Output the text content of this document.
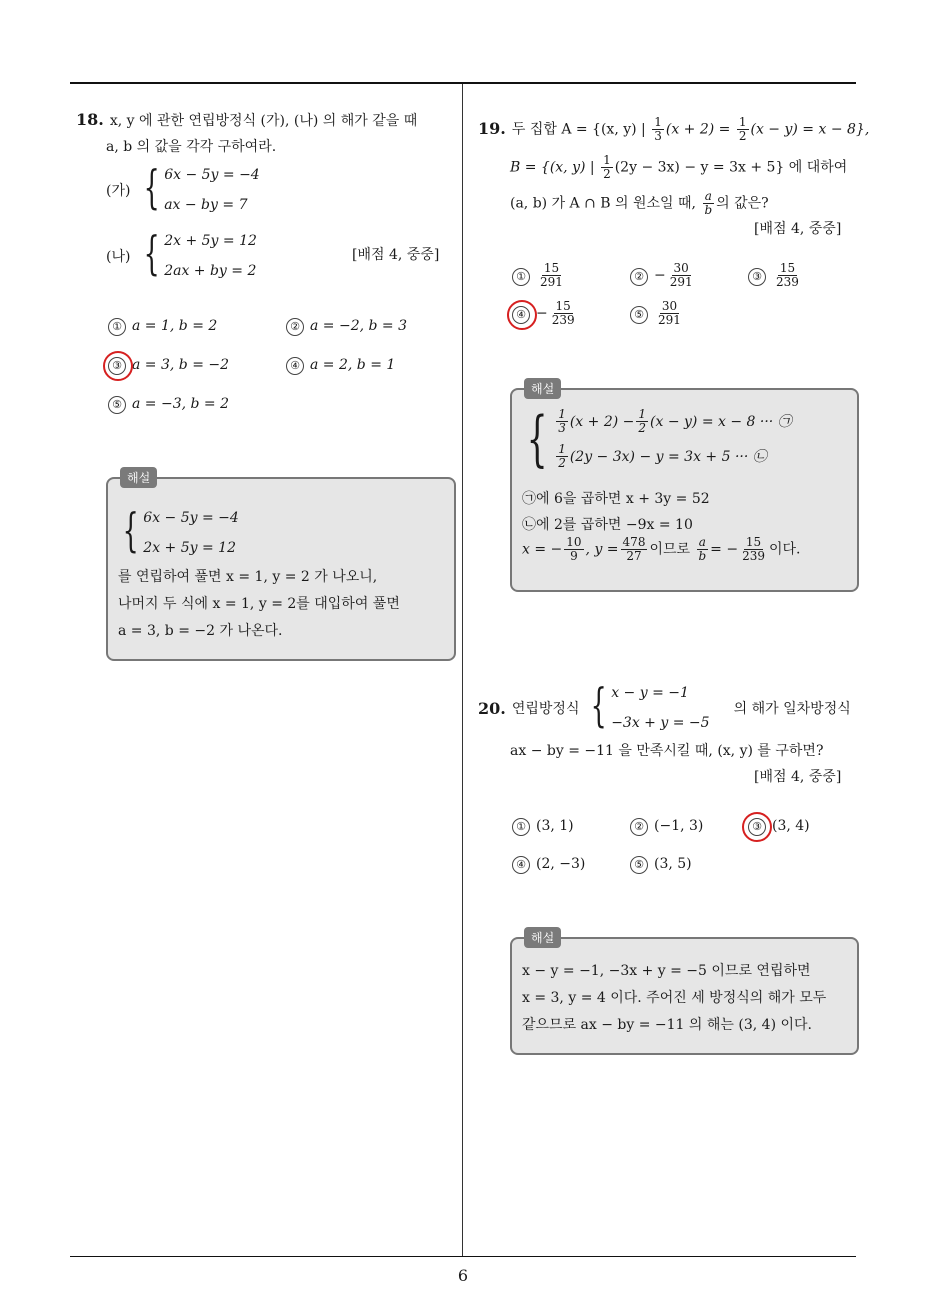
6
18. x, y 에 관한 연립방정식 (가), (나) 의 해가 같을 때
a, b 의 값을 각각 구하여라.
(가) { 6x − 5y = −4
ax − by = 7
(나) { 2x + 5y = 12
2ax + by = 2
[배점 4, 중중]
① a = 1, b = 2	② a = −2, b = 3
③ a = 3, b = −2	④ a = 2, b = 1
⑤ a = −3, b = 2
해설
{ 6x − 5y = −4
2x + 5y = 12
를 연립하여 풀면 x = 1, y = 2 가 나오니,
나머지 두 식에 x = 1, y = 2를 대입하여 풀면
a = 3, b = −2 가 나온다.
19. 두 집합 A = {(x, y) | $\frac{1}{3} (x + 2) = \frac{1}{2} (x - y) = x - 8$},
B = {(x, y) | $\frac{1}{2} (2y - 3x) - y = 3x + 5$} 에 대하여
(a, b) 가 A ∩ B 의 원소일 때, $\frac{a}{b}$ 의 값은?
[배점 4, 중중]
① $\frac{15}{291}$	② − $\frac{30}{291}$	③ $\frac{15}{239}$
④ − $\frac{15}{239}$	⑤ $\frac{30}{291}$
해설
{ $\frac{1}{3} (x + 2) - \frac{1}{2} (x - y) = x - 8$ ··· ㉠
$\frac{1}{2} (2y - 3x) - y = 3x + 5$ ··· ㉡
㉠에 6을 곱하면 x + 3y = 52
㉡에 2를 곱하면 −9x = 10
x = − $\frac{10}{9}$ , $y = \frac{478}{27}$ 이므로 $\frac{a}{b}$ = − $\frac{15}{239}$ 이다.
20. 연립방정식 { x − y = −1
−3x + y = −5
의 해가 일차방정식
ax − by = −11 을 만족시킬 때, (x, y) 를 구하면?
[배점 4, 중중]
① (3, 1)	② (−1, 3)	③ (3, 4)
④ (2, −3)	⑤ (3, 5)
해설
x − y = −1, −3x + y = −5 이므로 연립하면
x = 3, y = 4 이다. 주어진 세 방정식의 해가 모두
같으므로 ax − by = −11 의 해는 (3, 4) 이다.
